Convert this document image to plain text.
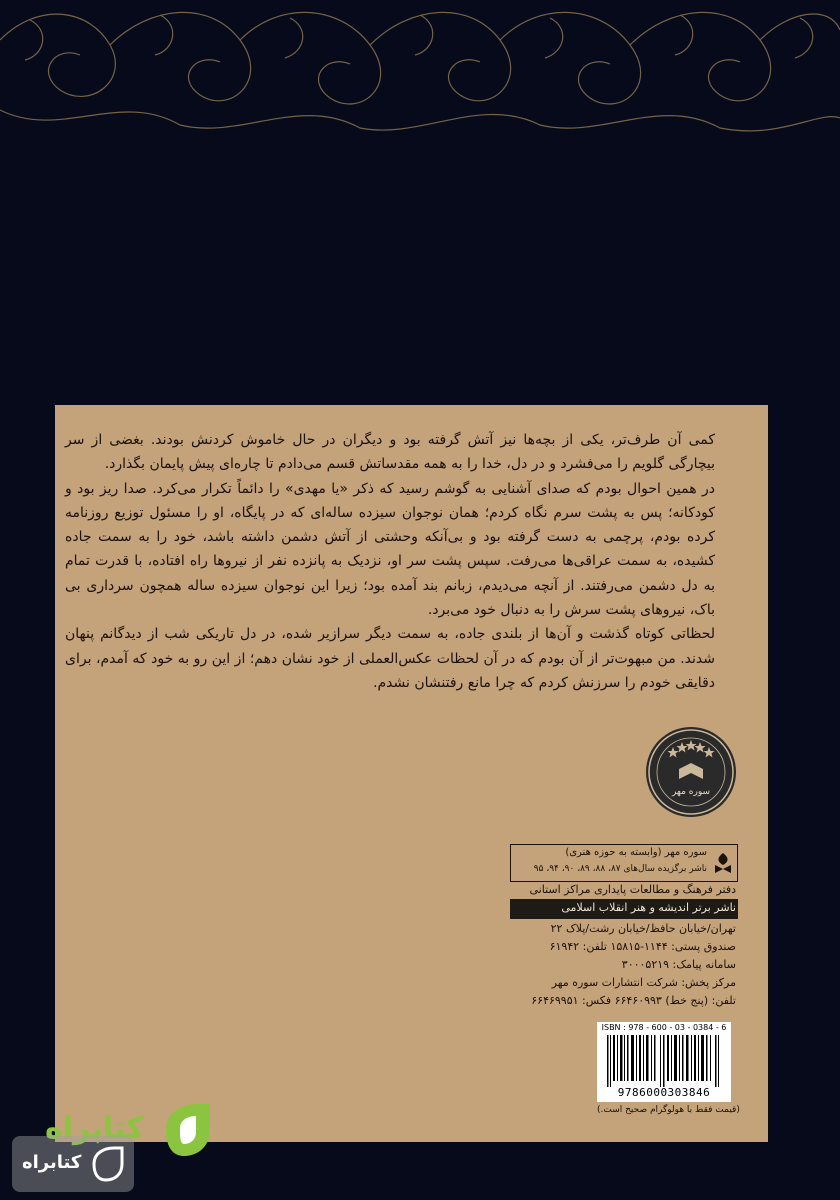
کمی آن طرف‌تر، یکی از بچه‌ها نیز آتش گرفته بود و دیگران در حال خاموش کردنش بودند. بغضی از سر بیچارگی گلویم را می‌فشرد و در دل، خدا را به همه مقدساتش قسم می‌دادم تا چاره‌ای پیش پایمان بگذارد.

در همین احوال بودم که صدای آشنایی به گوشم رسید که ذکر «یا مهدی» را دائماً تکرار می‌کرد. صدا ریز بود و کودکانه؛ پس به پشت سرم نگاه کردم؛ همان نوجوان سیزده ساله‌ای که در پایگاه، او را مسئول توزیع روزنامه کرده بودم، پرچمی به دست گرفته بود و بی‌آنکه وحشتی از آتش دشمن داشته باشد، خود را به سمت جاده کشیده، به سمت عراقی‌ها می‌رفت. سپس پشت سر او، نزدیک به پانزده نفر از نیروها راه افتاده، با قدرت تمام به دل دشمن می‌رفتند. از آنچه می‌دیدم، زبانم بند آمده بود؛ زیرا این نوجوان سیزده ساله همچون سرداری بی باک، نیروهای پشت سرش را به دنبال خود می‌برد.

لحظاتی کوتاه گذشت و آن‌ها از بلندی جاده، به سمت دیگر سرازیر شده، در دل تاریکی شب از دیدگانم پنهان شدند. من مبهوت‌تر از آن بودم که در آن لحظات عکس‌العملی از خود نشان دهم؛ از این رو به خود که آمدم، برای دقایقی خودم را سرزنش کردم که چرا مانع رفتنشان نشدم.

سوره مهر
سوره مهر (وابسته به حوزه هنری)
ناشر برگزیده سال‌های ۸۷، ۸۸، ۸۹، ۹۰، ۹۴، ۹۵
دفتر فرهنگ و مطالعات پایداری مراکز استانی
ناشر برتر اندیشه و هنر انقلاب اسلامی
تهران/خیابان حافظ/خیابان رشت/پلاک ۲۲
صندوق پستی: ۱۱۴۴-۱۵۸۱۵ تلفن: ۶۱۹۴۲
سامانه پیامک: ۳۰۰۰۵۲۱۹
مرکز پخش: شرکت انتشارات سوره مهر
تلفن: (پنج خط) ۶۶۴۶۰۹۹۳ فکس: ۶۶۴۶۹۹۵۱
ISBN : 978 - 600 - 03 - 0384 - 6
9786000303846
(قیمت فقط با هولوگرام صحیح است.)
کتابراه
کتابراه
